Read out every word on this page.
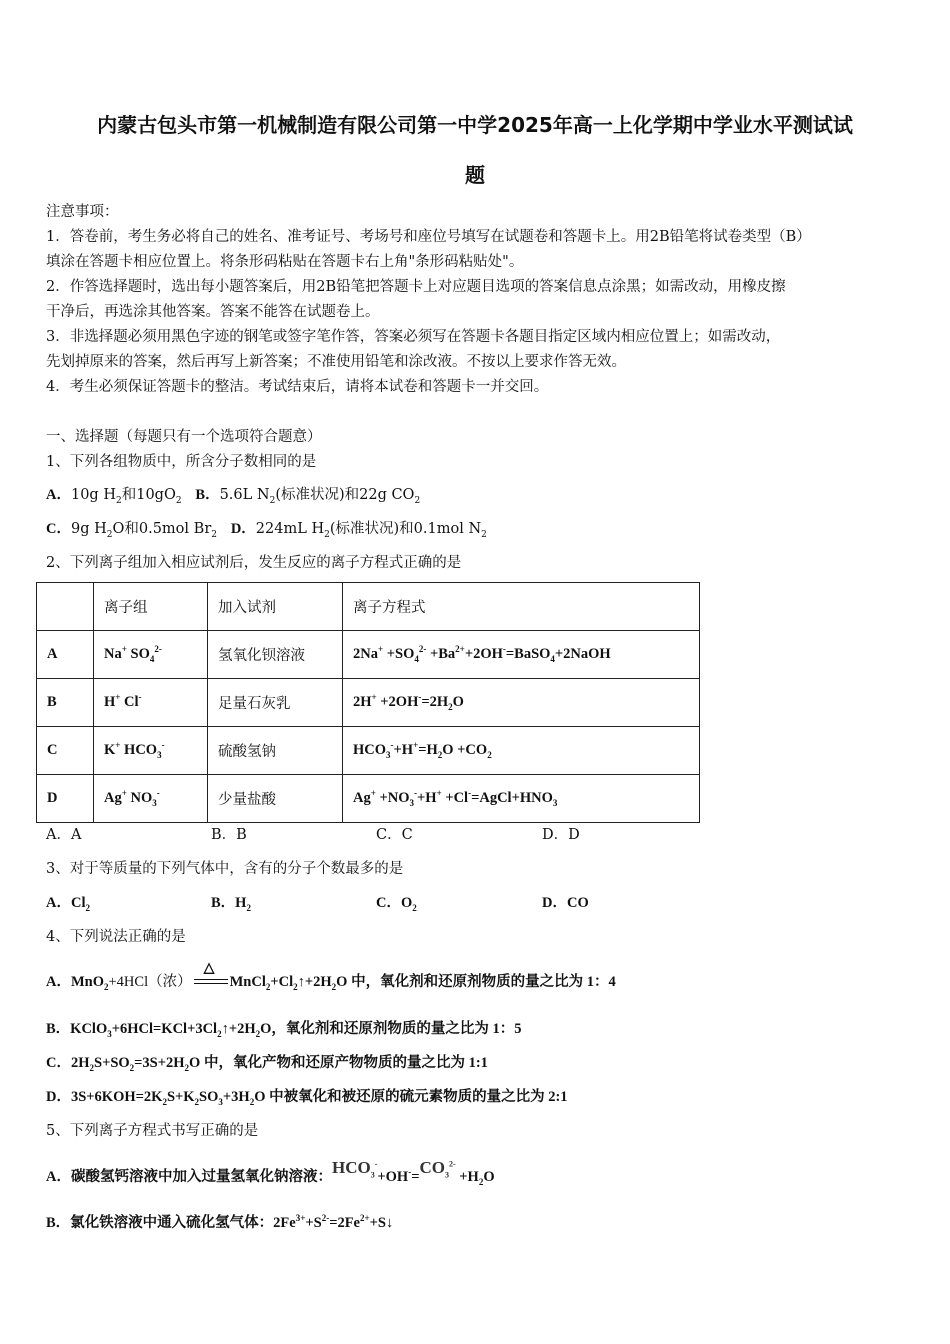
内蒙古包头市第一机械制造有限公司第一中学2025年高一上化学期中学业水平测试试
题
注意事项：
1．答卷前，考生务必将自己的姓名、准考证号、考场号和座位号填写在试题卷和答题卡上。用2B铅笔将试卷类型（B）
填涂在答题卡相应位置上。将条形码粘贴在答题卡右上角"条形码粘贴处"。
2．作答选择题时，选出每小题答案后，用2B铅笔把答题卡上对应题目选项的答案信息点涂黑；如需改动，用橡皮擦
干净后，再选涂其他答案。答案不能答在试题卷上。
3．非选择题必须用黑色字迹的钢笔或签字笔作答，答案必须写在答题卡各题目指定区域内相应位置上；如需改动，
先划掉原来的答案，然后再写上新答案；不准使用铅笔和涂改液。不按以上要求作答无效。
4．考生必须保证答题卡的整洁。考试结束后，请将本试卷和答题卡一并交回。
一、选择题（每题只有一个选项符合题意）
1、下列各组物质中，所含分子数相同的是
A．10g $H_2$和$10gO_2$ B．5.6L $N_2$(标准状况)和22g $CO_2$
C．9g $H_2O$和0.5mol $Br_2$ D．224mL $H_2$(标准状况)和0.1mol $N_2$
2、下列离子组加入相应试剂后，发生反应的离子方程式正确的是
	离子组	加入试剂	离子方程式
A	Na+ $SO_4^{2-}$	氢氧化钡溶液	$2Na^+ +SO_4^{2-}$ $+Ba^{2+}+2OH^-=BaSO_4+2NaOH$
B	H+ Cl-	足量石灰乳	$2H^+ +2OH^-=2H_2O$
C	K+ $HCO_3^-$	硫酸氢钠	$HCO_3^-+H^+=H_2O +CO_2$
D	Ag+ $NO_3^-$	少量盐酸	$Ag^+ +NO_3^-+H^+$ $+Cl^-=AgCl+HNO_3$
A．A	B．B	C．C	D．D
3、对于等质量的下列气体中，含有的分子个数最多的是
A．$Cl_2$	B．$H_2$	C．$O_2$	D．CO
4、下列说法正确的是
A．MnO$_2$+4HCl（浓）
△
$MnCl_2+Cl_2↑+2H_2O$ 中，氧化剂和还原剂物质的量之比为 1：4
B．$KClO_3+6HCl=KCl+3Cl_2↑+2H_2O$，氧化剂和还原剂物质的量之比为 1：5
C．$2H_2S+SO_2=3S+2H_2O$ 中，氧化产物和还原产物物质的量之比为 1:1
D．$3S+6KOH=2K_2S+K_2SO_3+3H_2O$ 中被氧化和被还原的硫元素物质的量之比为 2:1
5、下列离子方程式书写正确的是
A．碳酸氢钙溶液中加入过量氢氧化钠溶液：$HCO_3^-+OH^-=CO_3^{2-} +H_2O$
B．氯化铁溶液中通入硫化氢气体：$2Fe^{3+}+S^{2-}=2Fe^{2+}+S↓$
